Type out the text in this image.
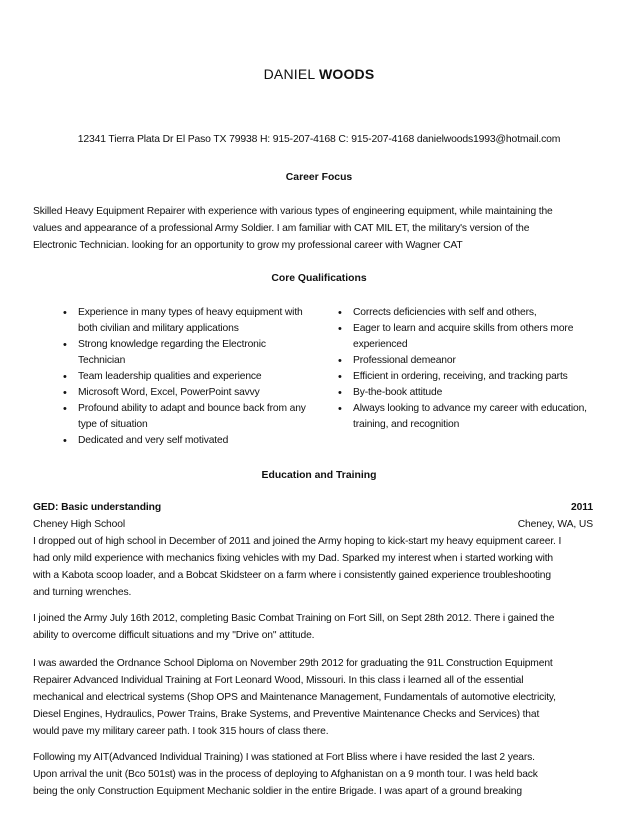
DANIEL WOODS
12341 Tierra Plata Dr El Paso TX 79938 H: 915-207-4168 C: 915-207-4168 danielwoods1993@hotmail.com
Career Focus

Skilled Heavy Equipment Repairer with experience with various types of engineering equipment, while maintaining the

values and appearance of a professional Army Soldier. I am familiar with CAT MIL ET, the military's version of the

Electronic Technician. looking for an opportunity to grow my professional career with Wagner CAT

Core Qualifications
• Experience in many types of heavy equipment with
both civilian and military applications
• Strong knowledge regarding the Electronic
Technician
• Team leadership qualities and experience
• Microsoft Word, Excel, PowerPoint savvy
• Profound ability to adapt and bounce back from any
type of situation
• Dedicated and very self motivated
• Corrects deficiencies with self and others,
• Eager to learn and acquire skills from others more
experienced
• Professional demeanor
• Efficient in ordering, receiving, and tracking parts
• By-the-book attitude
• Always looking to advance my career with education,
training, and recognition
Education and Training
GED: Basic understanding	2011
Cheney High School	Cheney, WA, US

I dropped out of high school in December of 2011 and joined the Army hoping to kick-start my heavy equipment career. I

had only mild experience with mechanics fixing vehicles with my Dad. Sparked my interest when i started working with

with a Kabota scoop loader, and a Bobcat Skidsteer on a farm where i consistently gained experience troubleshooting

and turning wrenches.

I joined the Army July 16th 2012, completing Basic Combat Training on Fort Sill, on Sept 28th 2012. There i gained the

ability to overcome difficult situations and my "Drive on" attitude.

I was awarded the Ordnance School Diploma on November 29th 2012 for graduating the 91L Construction Equipment

Repairer Advanced Individual Training at Fort Leonard Wood, Missouri. In this class i learned all of the essential

mechanical and electrical systems (Shop OPS and Maintenance Management, Fundamentals of automotive electricity,

Diesel Engines, Hydraulics, Power Trains, Brake Systems, and Preventive Maintenance Checks and Services) that

would pave my military career path. I took 315 hours of class there.

Following my AIT(Advanced Individual Training) I was stationed at Fort Bliss where i have resided the last 2 years.

Upon arrival the unit (Bco 501st) was in the process of deploying to Afghanistan on a 9 month tour. I was held back

being the only Construction Equipment Mechanic soldier in the entire Brigade. I was apart of a ground breaking
